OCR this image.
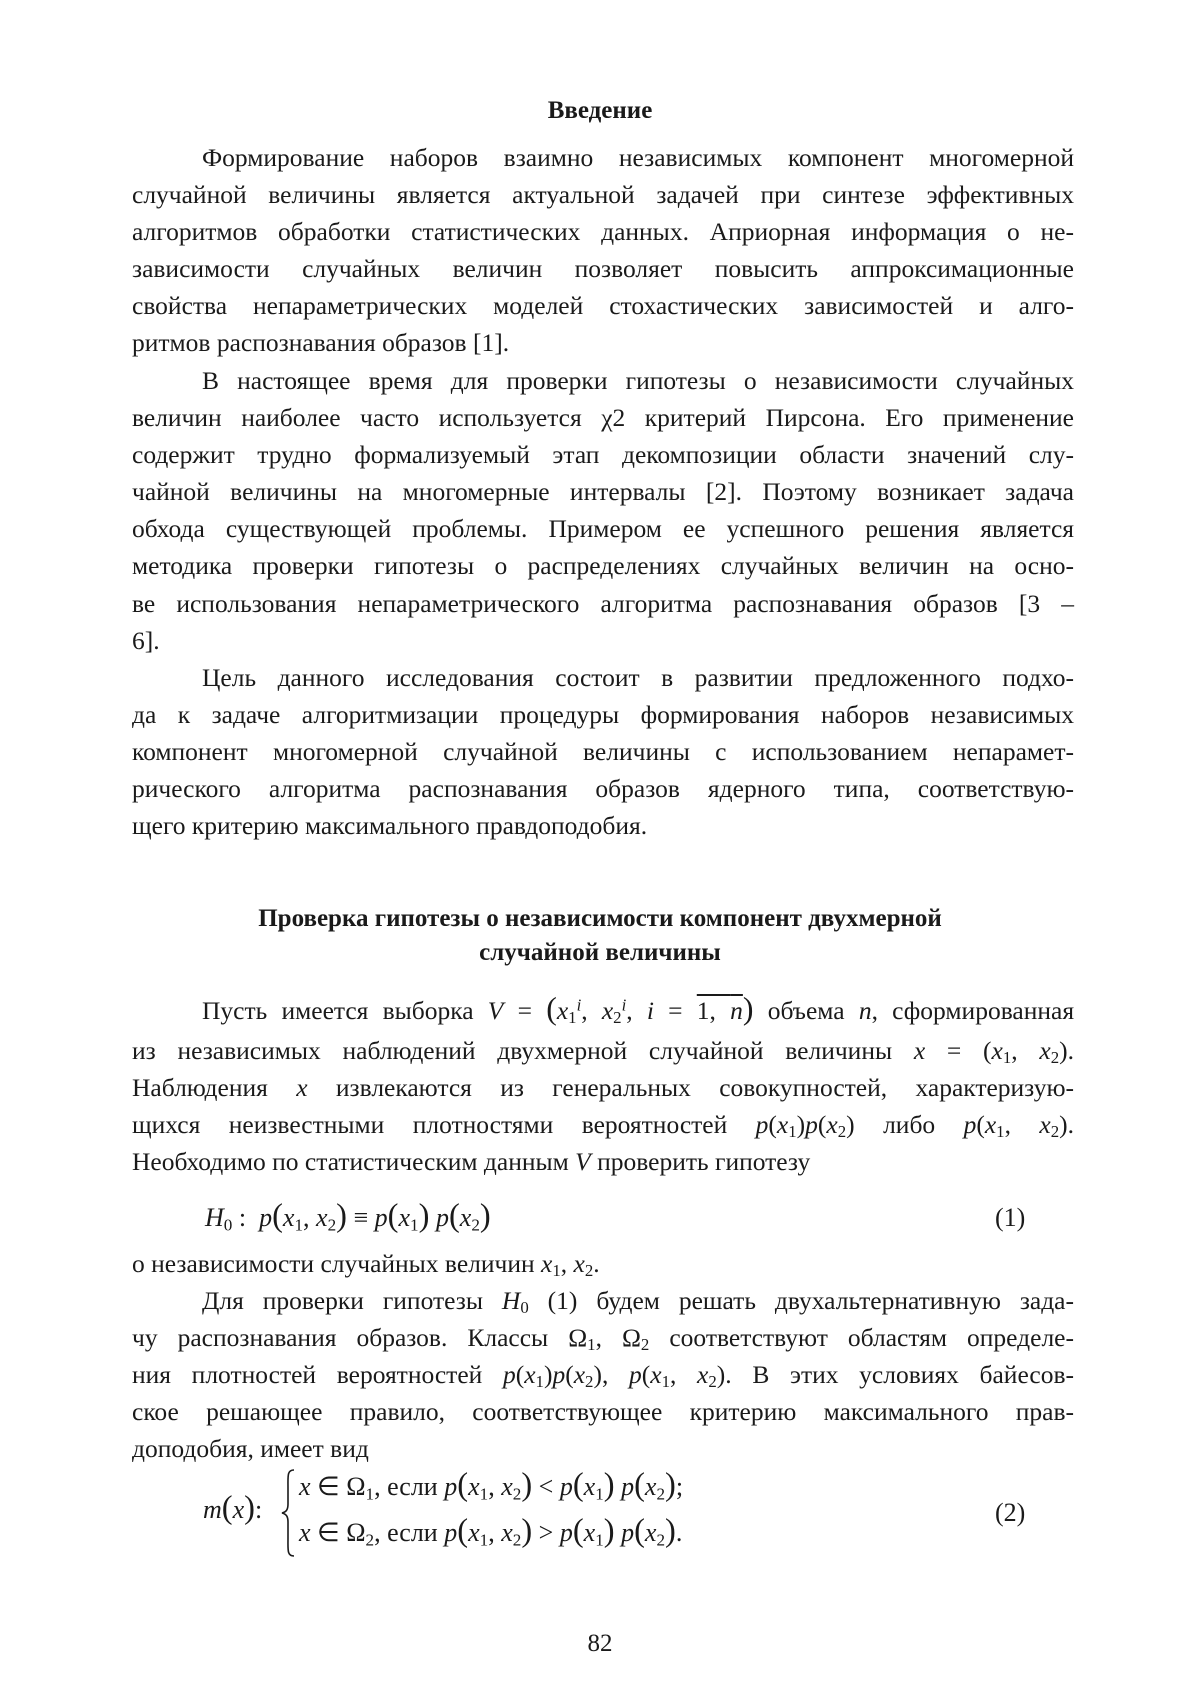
Введение
Формирование наборов взаимно независимых компонент многомерной
случайной величины является актуальной задачей при синтезе эффективных
алгоритмов обработки статистических данных. Априорная информация о не-
зависимости случайных величин позволяет повысить аппроксимационные
свойства непараметрических моделей стохастических зависимостей и алго-
ритмов распознавания образов [1].
В настоящее время для проверки гипотезы о независимости случайных
величин наиболее часто используется χ2 критерий Пирсона. Его применение
содержит трудно формализуемый этап декомпозиции области значений слу-
чайной величины на многомерные интервалы [2]. Поэтому возникает задача
обхода существующей проблемы. Примером ее успешного решения является
методика проверки гипотезы о распределениях случайных величин на осно-
ве использования непараметрического алгоритма распознавания образов [3 –
6].
Цель данного исследования состоит в развитии предложенного подхо-
да к задаче алгоритмизации процедуры формирования наборов независимых
компонент многомерной случайной величины с использованием непарамет-
рического алгоритма распознавания образов ядерного типа, соответствую-
щего критерию максимального правдоподобия.
Проверка гипотезы о независимости компонент двухмерной
случайной величины
Пусть имеется выборка $V = (x_1^i$, $x_2^i$, i = 1, n) объема n, сформированная
из независимых наблюдений двухмерной случайной величины $x = (x_1$, $x_2$).
Наблюдения x извлекаются из генеральных совокупностей, характеризую-
щихся неизвестными плотностями вероятностей $p(x_1)p(x_2)$ либо $p(x_1$, $x_2$).
Необходимо по статистическим данным V проверить гипотезу
$H_0$ :  $p(x_1$, $x_2) \equiv p(x_1)$ $p(x_2)$	(1)
о независимости случайных величин $x_1$, $x_2$.
Для проверки гипотезы $H_0$ (1) будем решать двухальтернативную зада-
чу распознавания образов. Классы $\Omega_1$, $\Omega_2$ соответствуют областям определе-
ния плотностей вероятностей $p(x_1)p(x_2)$, $p(x_1$, $x_2$). В этих условиях байесов-
ское решающее правило, соответствующее критерию максимального прав-
доподобия, имеет вид
m(x):
x ∈ $\Omega_1$, если $p(x_1$, $x_2) < p(x_1)$ $p(x_2)$;
x ∈ $\Omega_2$, если $p(x_1$, $x_2) > p(x_1)$ $p(x_2)$.
(2)
82
